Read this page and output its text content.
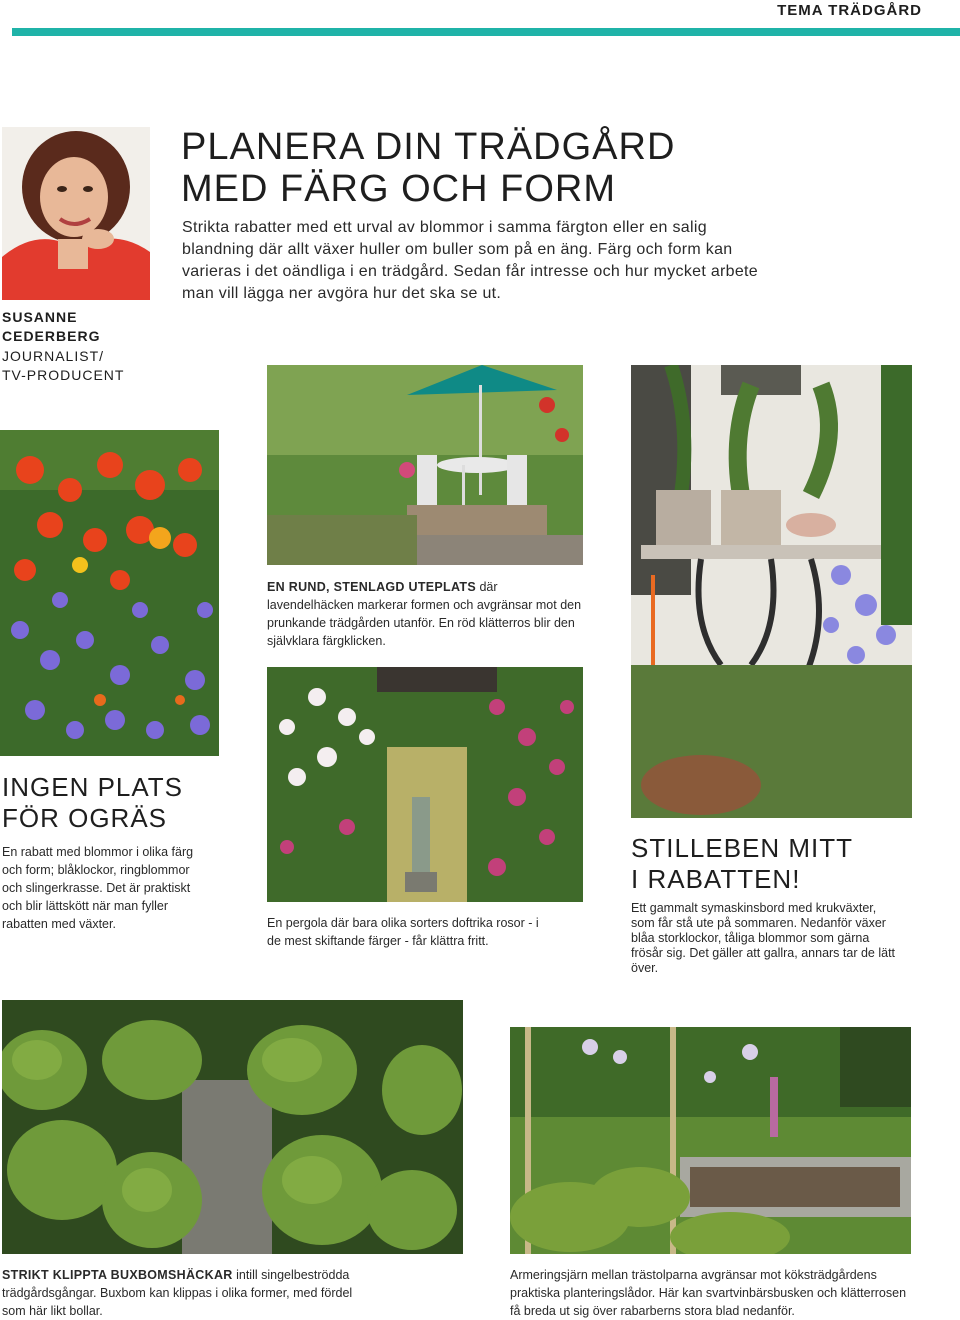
TEMA TRÄDGÅRD
SUSANNE
CEDERBERG
JOURNALIST/
TV-PRODUCENT
PLANERA DIN TRÄDGÅRD
MED FÄRG OCH FORM
Strikta rabatter med ett urval av blommor i samma färgton eller en salig blandning där allt växer huller om buller som på en äng. Färg och form kan varieras i det oändliga i en trädgård. Sedan får intresse och hur mycket arbete man vill lägga ner avgöra hur det ska se ut.
EN RUND, STENLAGD UTEPLATS där lavendelhäcken markerar formen och avgränsar mot den prunkande trädgården utanför. En röd klätterros blir den självklara färgklicken.
INGEN PLATS
FÖR OGRÄS
En rabatt med blommor i olika färg och form; blåklockor, ringblommor och slingerkrasse. Det är praktiskt och blir lättskött när man fyller rabatten med växter.	En pergola där bara olika sorters doftrika rosor - i de mest skiftande färger - får klättra fritt.
STILLEBEN MITT
I RABATTEN!
Ett gammalt symaskinsbord med krukväxter, som får stå ute på sommaren. Nedanför växer blåa storklockor, tåliga blommor som gärna frösår sig. Det gäller att gallra, annars tar de lätt över.
STRIKT KLIPPTA BUXBOMSHÄCKAR intill singelbeströdda trädgårdsgångar. Buxbom kan klippas i olika former, med fördel som här likt bollar.
Armeringsjärn mellan trästolparna avgränsar mot köksträdgårdens praktiska planteringslådor. Här kan svartvinbärsbusken och klätterrosen få breda ut sig över rabarberns stora blad nedanför.
